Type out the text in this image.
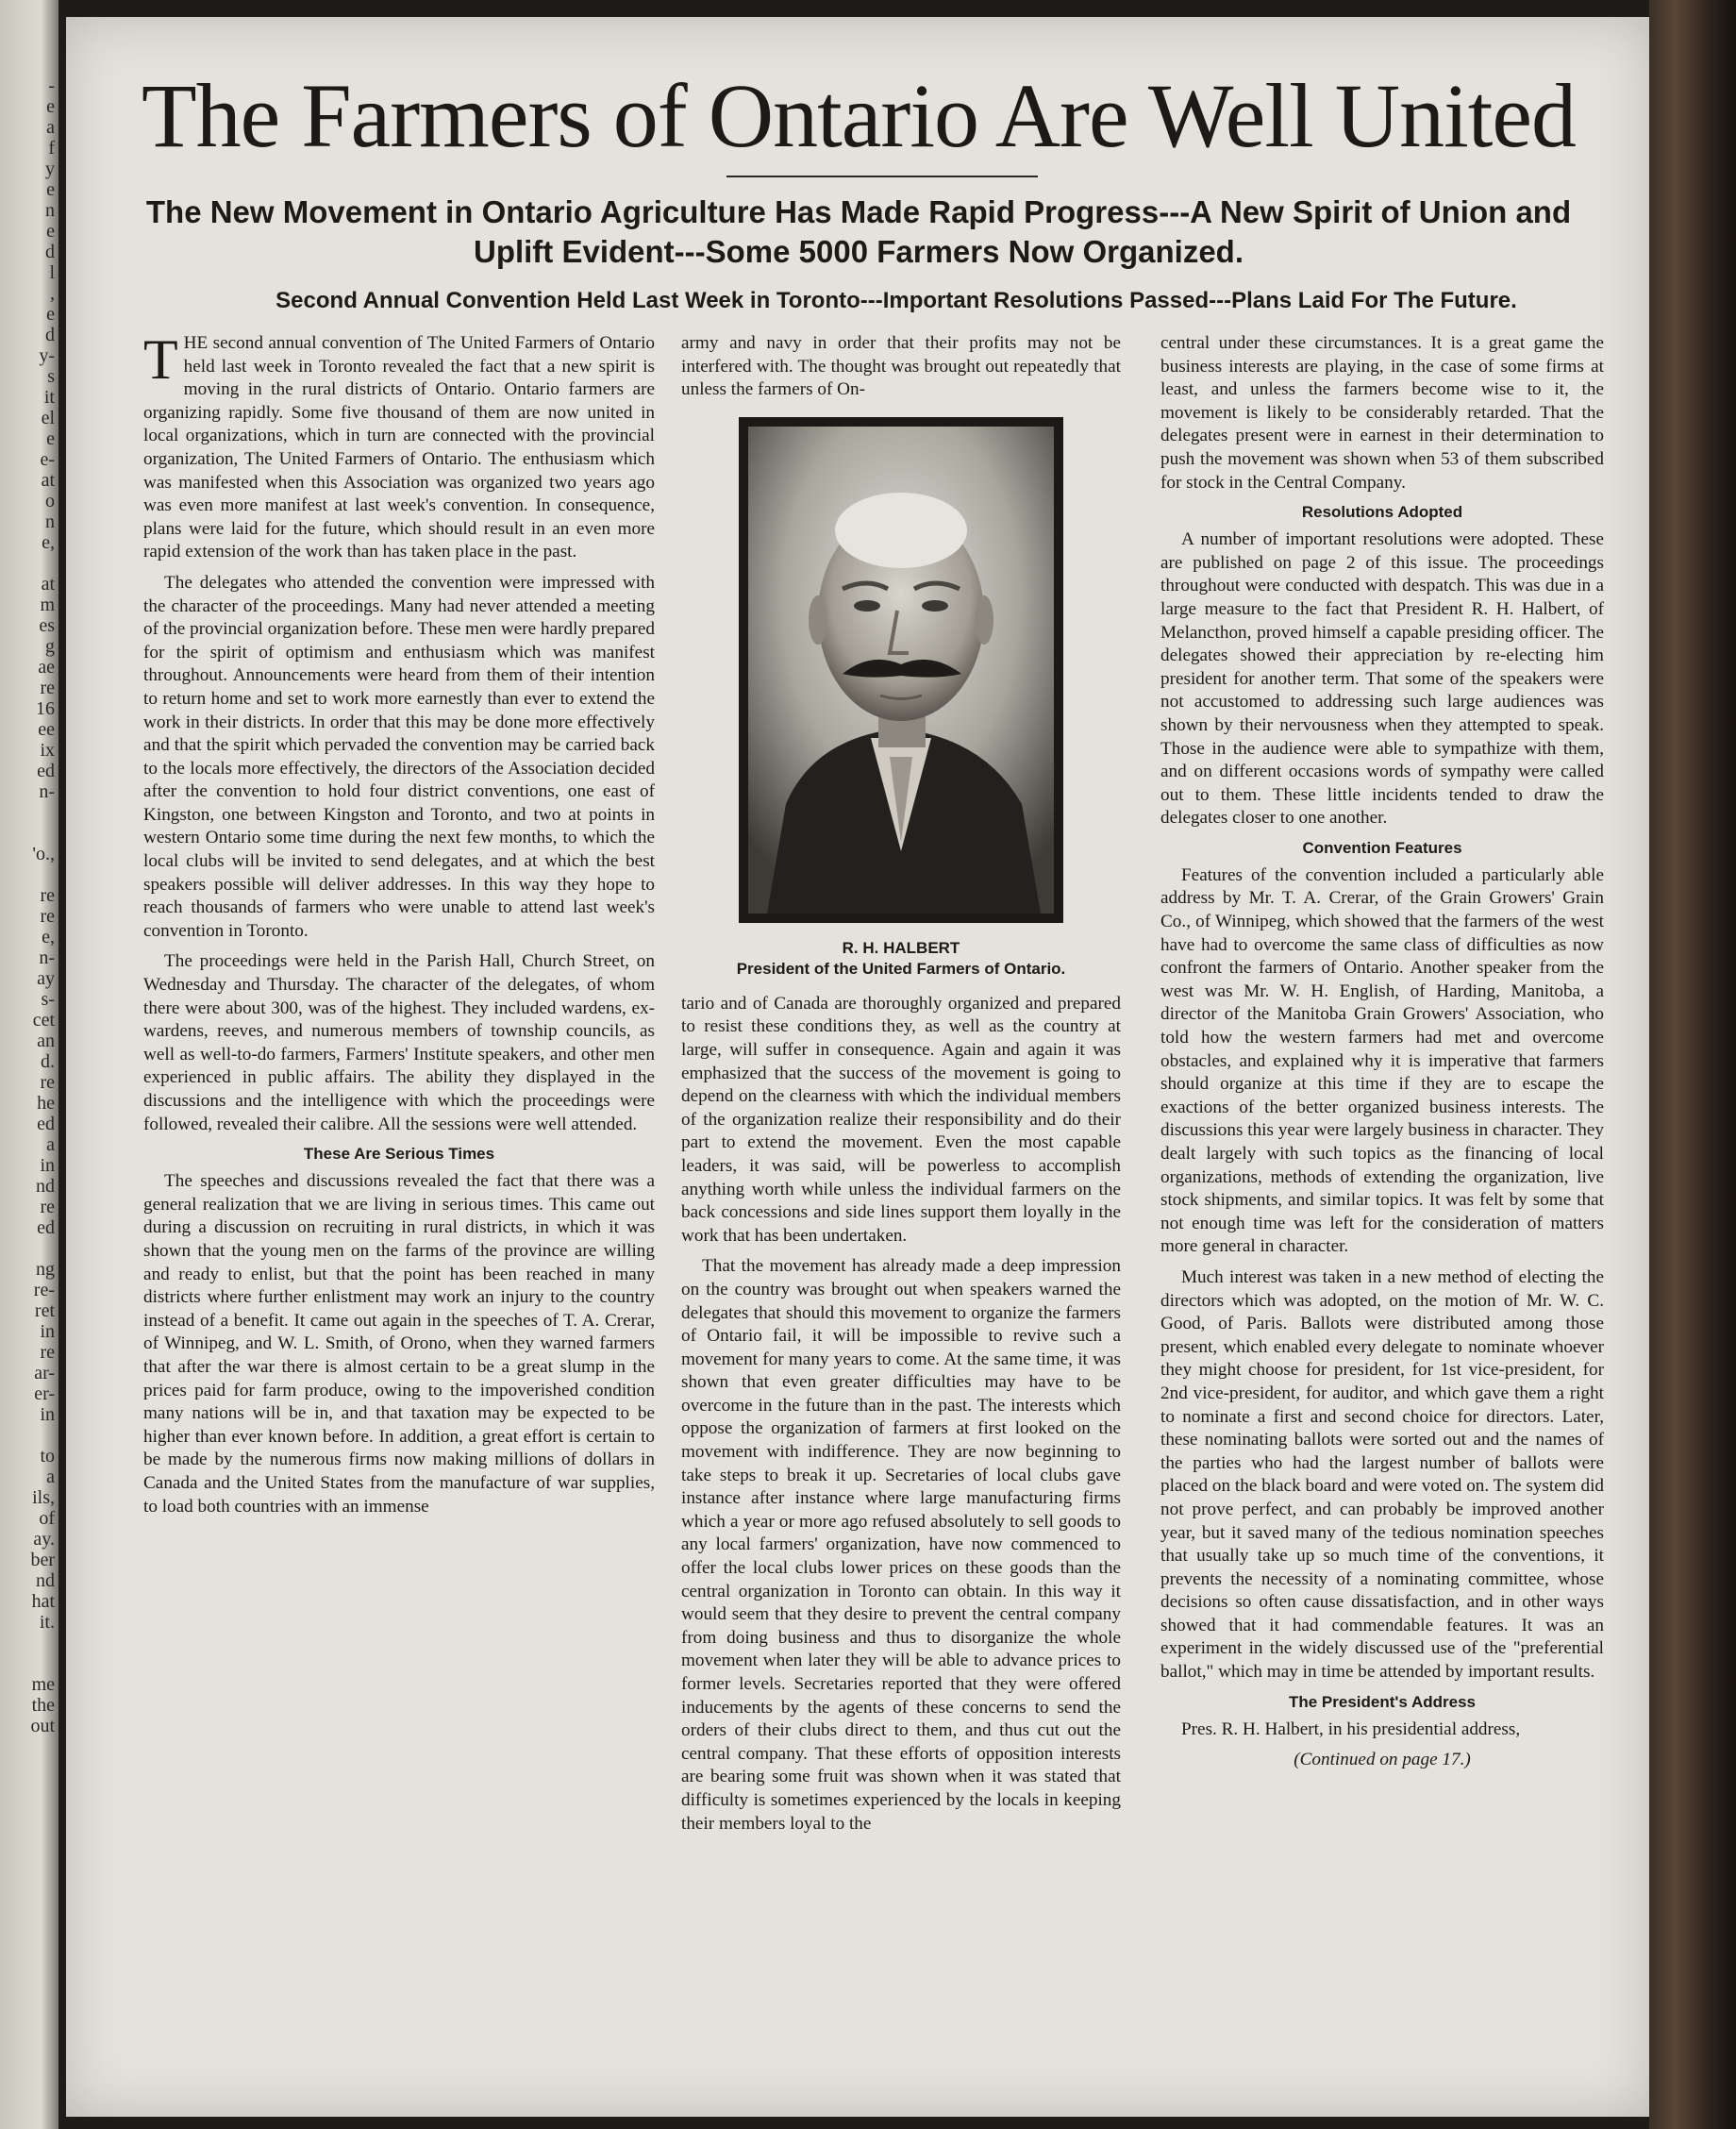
-
e
a
f
y
e
n
e
d
l
,
e
d
y-
s
it
el
e
e-
at
o
n
e,

at
m
es
g
ae
re
16
ee
ix
ed
n-

'o.,

re
re
e,
n-
ay
s-
cet
an
d.
re
he
ed
a
in
nd
re
ed

ng
re-
ret
in
re
ar-
er-
in

to
a
ils,
of
ay.
ber
nd
hat
it.

me
the
out
The Farmers of Ontario Are Well United
The New Movement in Ontario Agriculture Has Made Rapid Progress---A New Spirit of Union and Uplift Evident---Some 5000 Farmers Now Organized.
Second Annual Convention Held Last Week in Toronto---Important Resolutions Passed---Plans Laid For The Future.

THE second annual convention of The United Farmers of Ontario held last week in Toronto revealed the fact that a new spirit is moving in the rural districts of Ontario. Ontario farmers are organizing rapidly. Some five thousand of them are now united in local organizations, which in turn are connected with the provincial organization, The United Farmers of Ontario. The enthusiasm which was manifested when this Association was organized two years ago was even more manifest at last week's convention. In consequence, plans were laid for the future, which should result in an even more rapid extension of the work than has taken place in the past.

The delegates who attended the convention were impressed with the character of the proceedings. Many had never attended a meeting of the provincial organization before. These men were hardly prepared for the spirit of optimism and enthusiasm which was manifest throughout. Announcements were heard from them of their intention to return home and set to work more earnestly than ever to extend the work in their districts. In order that this may be done more effectively and that the spirit which pervaded the convention may be carried back to the locals more effectively, the directors of the Association decided after the convention to hold four district conventions, one east of Kingston, one between Kingston and Toronto, and two at points in western Ontario some time during the next few months, to which the local clubs will be invited to send delegates, and at which the best speakers possible will deliver addresses. In this way they hope to reach thousands of farmers who were unable to attend last week's convention in Toronto.

The proceedings were held in the Parish Hall, Church Street, on Wednesday and Thursday. The character of the delegates, of whom there were about 300, was of the highest. They included wardens, ex-wardens, reeves, and numerous members of township councils, as well as well-to-do farmers, Farmers' Institute speakers, and other men experienced in public affairs. The ability they displayed in the discussions and the intelligence with which the proceedings were followed, revealed their calibre. All the sessions were well attended.

These Are Serious Times

The speeches and discussions revealed the fact that there was a general realization that we are living in serious times. This came out during a discussion on recruiting in rural districts, in which it was shown that the young men on the farms of the province are willing and ready to enlist, but that the point has been reached in many districts where further enlistment may work an injury to the country instead of a benefit. It came out again in the speeches of T. A. Crerar, of Winnipeg, and W. L. Smith, of Orono, when they warned farmers that after the war there is almost certain to be a great slump in the prices paid for farm produce, owing to the impoverished condition many nations will be in, and that taxation may be expected to be higher than ever known before. In addition, a great effort is certain to be made by the numerous firms now making millions of dollars in Canada and the United States from the manufacture of war supplies, to load both countries with an immense

army and navy in order that their profits may not be interfered with. The thought was brought out repeatedly that unless the farmers of On-

R. H. HALBERT
President of the United Farmers of Ontario.

tario and of Canada are thoroughly organized and prepared to resist these conditions they, as well as the country at large, will suffer in consequence. Again and again it was emphasized that the success of the movement is going to depend on the clearness with which the individual members of the organization realize their responsibility and do their part to extend the movement. Even the most capable leaders, it was said, will be powerless to accomplish anything worth while unless the individual farmers on the back concessions and side lines support them loyally in the work that has been undertaken.

That the movement has already made a deep impression on the country was brought out when speakers warned the delegates that should this movement to organize the farmers of Ontario fail, it will be impossible to revive such a movement for many years to come. At the same time, it was shown that even greater difficulties may have to be overcome in the future than in the past. The interests which oppose the organization of farmers at first looked on the movement with indifference. They are now beginning to take steps to break it up. Secretaries of local clubs gave instance after instance where large manufacturing firms which a year or more ago refused absolutely to sell goods to any local farmers' organization, have now commenced to offer the local clubs lower prices on these goods than the central organization in Toronto can obtain. In this way it would seem that they desire to prevent the central company from doing business and thus to disorganize the whole movement when later they will be able to advance prices to former levels. Secretaries reported that they were offered inducements by the agents of these concerns to send the orders of their clubs direct to them, and thus cut out the central company. That these efforts of opposition interests are bearing some fruit was shown when it was stated that difficulty is sometimes experienced by the locals in keeping their members loyal to the

central under these circumstances. It is a great game the business interests are playing, in the case of some firms at least, and unless the farmers become wise to it, the movement is likely to be considerably retarded. That the delegates present were in earnest in their determination to push the movement was shown when 53 of them subscribed for stock in the Central Company.

Resolutions Adopted

A number of important resolutions were adopted. These are published on page 2 of this issue. The proceedings throughout were conducted with despatch. This was due in a large measure to the fact that President R. H. Halbert, of Melancthon, proved himself a capable presiding officer. The delegates showed their appreciation by re-electing him president for another term. That some of the speakers were not accustomed to addressing such large audiences was shown by their nervousness when they attempted to speak. Those in the audience were able to sympathize with them, and on different occasions words of sympathy were called out to them. These little incidents tended to draw the delegates closer to one another.

Convention Features

Features of the convention included a particularly able address by Mr. T. A. Crerar, of the Grain Growers' Grain Co., of Winnipeg, which showed that the farmers of the west have had to overcome the same class of difficulties as now confront the farmers of Ontario. Another speaker from the west was Mr. W. H. English, of Harding, Manitoba, a director of the Manitoba Grain Growers' Association, who told how the western farmers had met and overcome obstacles, and explained why it is imperative that farmers should organize at this time if they are to escape the exactions of the better organized business interests. The discussions this year were largely business in character. They dealt largely with such topics as the financing of local organizations, methods of extending the organization, live stock shipments, and similar topics. It was felt by some that not enough time was left for the consideration of matters more general in character.

Much interest was taken in a new method of electing the directors which was adopted, on the motion of Mr. W. C. Good, of Paris. Ballots were distributed among those present, which enabled every delegate to nominate whoever they might choose for president, for 1st vice-president, for 2nd vice-president, for auditor, and which gave them a right to nominate a first and second choice for directors. Later, these nominating ballots were sorted out and the names of the parties who had the largest number of ballots were placed on the black board and were voted on. The system did not prove perfect, and can probably be improved another year, but it saved many of the tedious nomination speeches that usually take up so much time of the conventions, it prevents the necessity of a nominating committee, whose decisions so often cause dissatisfaction, and in other ways showed that it had commendable features. It was an experiment in the widely discussed use of the "preferential ballot," which may in time be attended by important results.

The President's Address

Pres. R. H. Halbert, in his presidential address,

(Continued on page 17.)
